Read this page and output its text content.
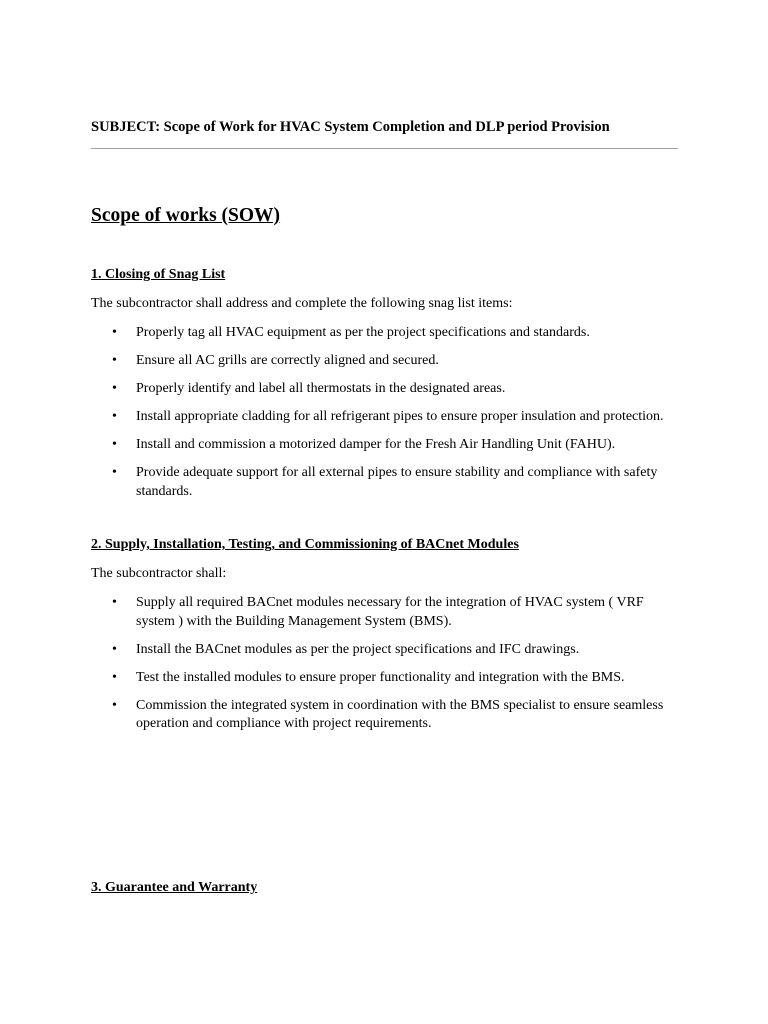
SUBJECT: Scope of Work for HVAC System Completion and DLP period Provision
Scope of works (SOW)
1. Closing of Snag List
The subcontractor shall address and complete the following snag list items:
• Properly tag all HVAC equipment as per the project specifications and standards.
• Ensure all AC grills are correctly aligned and secured.
• Properly identify and label all thermostats in the designated areas.
• Install appropriate cladding for all refrigerant pipes to ensure proper insulation and protection.
• Install and commission a motorized damper for the Fresh Air Handling Unit (FAHU).
• Provide adequate support for all external pipes to ensure stability and compliance with safety standards.
2. Supply, Installation, Testing, and Commissioning of BACnet Modules
The subcontractor shall:
• Supply all required BACnet modules necessary for the integration of HVAC system ( VRF system ) with the Building Management System (BMS).
• Install the BACnet modules as per the project specifications and IFC drawings.
• Test the installed modules to ensure proper functionality and integration with the BMS.
• Commission the integrated system in coordination with the BMS specialist to ensure seamless operation and compliance with project requirements.
3. Guarantee and Warranty
